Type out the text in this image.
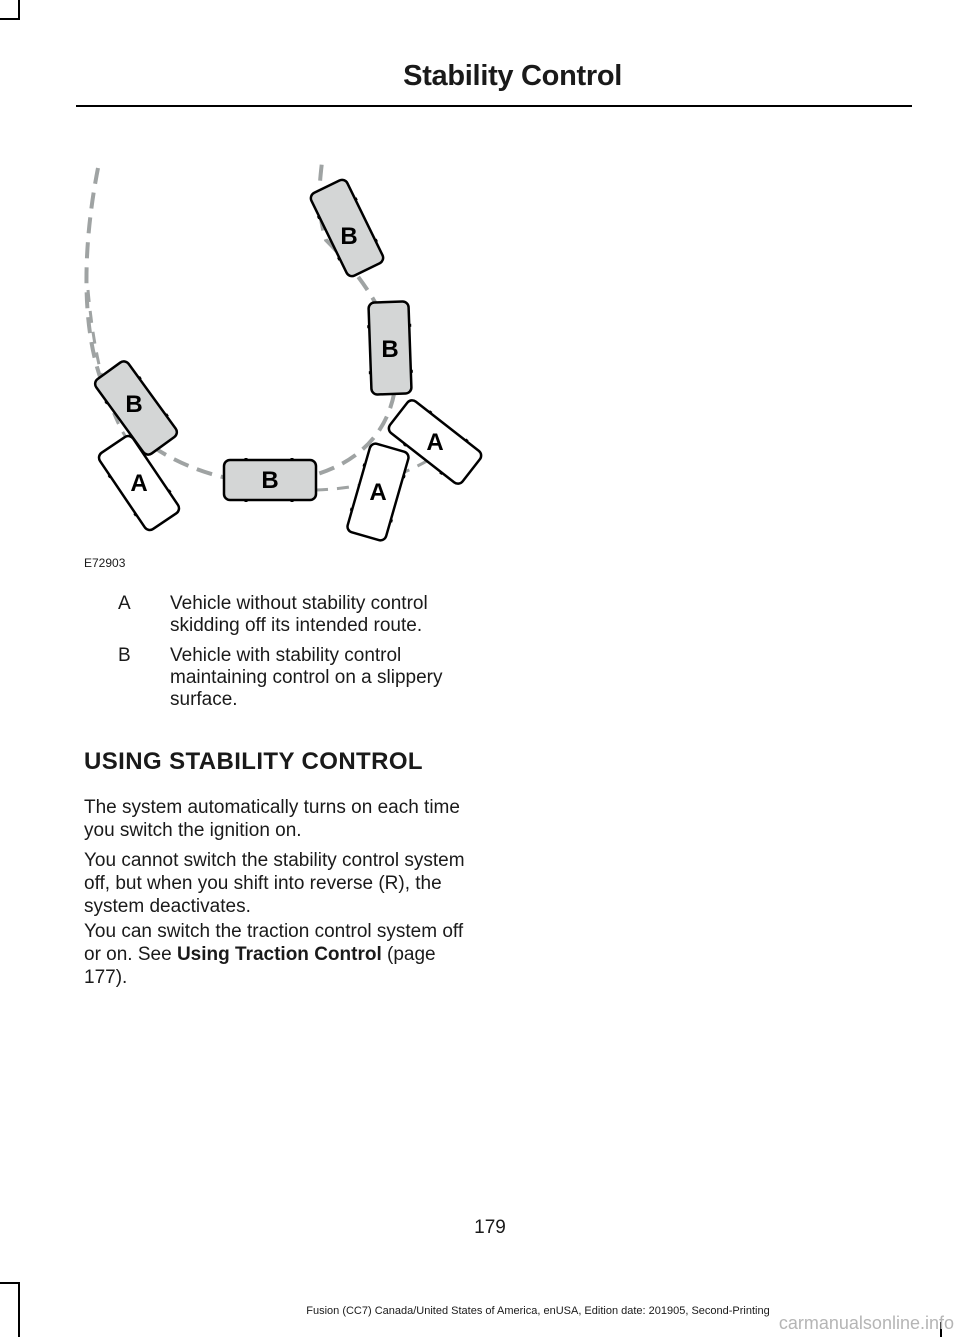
Stability Control
B
B
B
B
A	A
A
E72903
A Vehicle without stability control skidding off its intended route.
B Vehicle with stability control maintaining control on a slippery surface.
USING STABILITY CONTROL
The system automatically turns on each time you switch the ignition on.
You cannot switch the stability control system off, but when you shift into reverse (R), the system deactivates.
You can switch the traction control system off or on. See Using Traction Control (page 177).
179
Fusion (CC7) Canada/United States of America, enUSA, Edition date: 201905, Second-Printing
carmanualsonline.info
